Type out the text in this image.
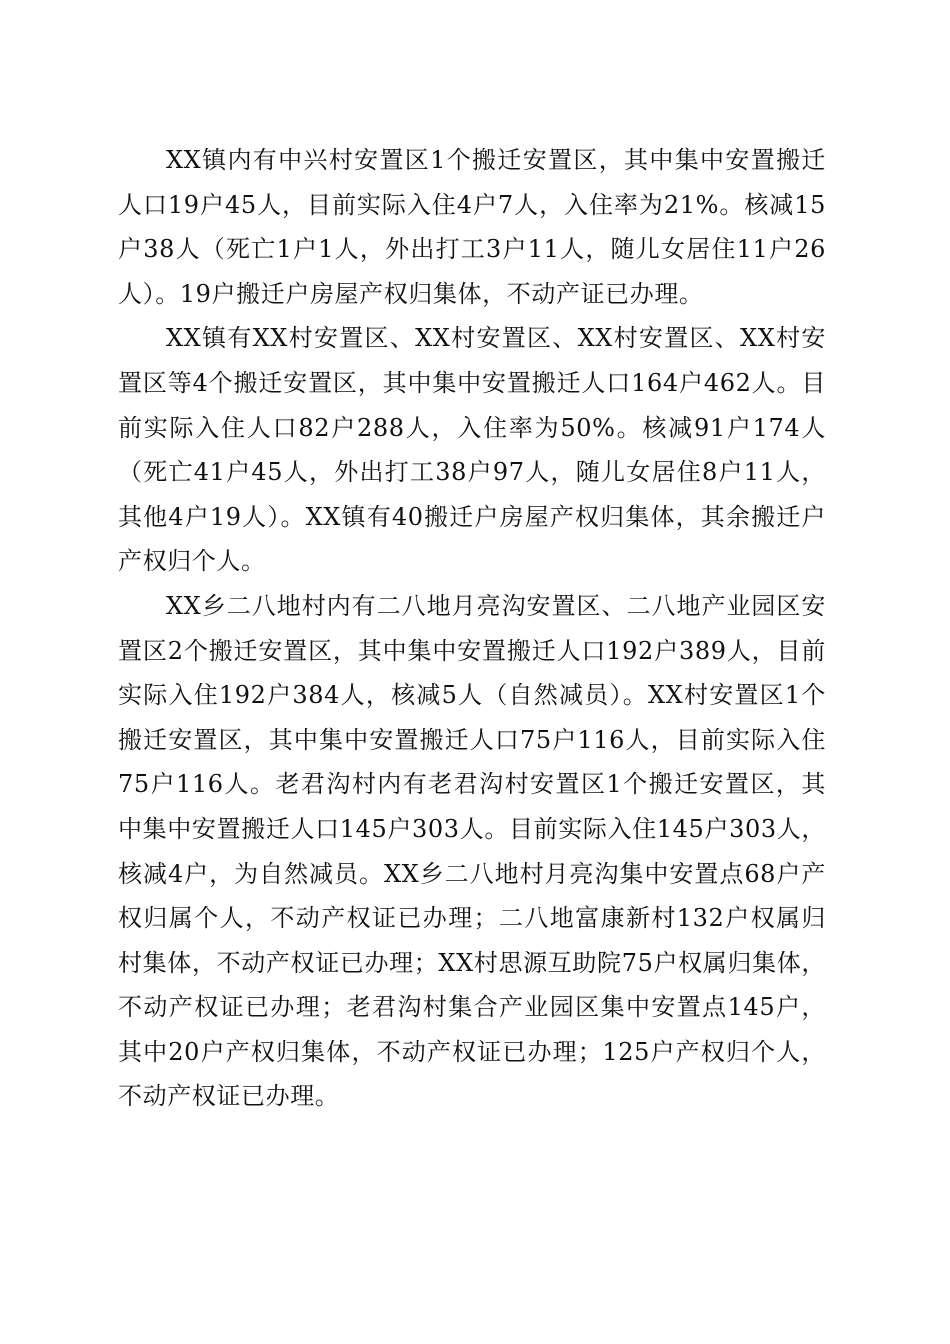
XX镇内有中兴村安置区1个搬迁安置区，其中集中安置搬迁人口19户45人，目前实际入住4户7人，入住率为21%。核减15户38人（死亡1户1人，外出打工3户11人，随儿女居住11户26人）。19户搬迁户房屋产权归集体，不动产证已办理。

XX镇有XX村安置区、XX村安置区、XX村安置区、XX村安置区等4个搬迁安置区，其中集中安置搬迁人口164户462人。目前实际入住人口82户288人，入住率为50%。核减91户174人（死亡41户45人，外出打工38户97人，随儿女居住8户11人，其他4户19人）。XX镇有40搬迁户房屋产权归集体，其余搬迁户产权归个人。

XX乡二八地村内有二八地月亮沟安置区、二八地产业园区安置区2个搬迁安置区，其中集中安置搬迁人口192户389人，目前实际入住192户384人，核减5人（自然减员）。XX村安置区1个搬迁安置区，其中集中安置搬迁人口75户116人，目前实际入住75户116人。老君沟村内有老君沟村安置区1个搬迁安置区，其中集中安置搬迁人口145户303人。目前实际入住145户303人，核减4户，为自然减员。XX乡二八地村月亮沟集中安置点68户产权归属个人，不动产权证已办理；二八地富康新村132户权属归村集体，不动产权证已办理；XX村思源互助院75户权属归集体，不动产权证已办理；老君沟村集合产业园区集中安置点145户，其中20户产权归集体，不动产权证已办理；125户产权归个人，不动产权证已办理。
